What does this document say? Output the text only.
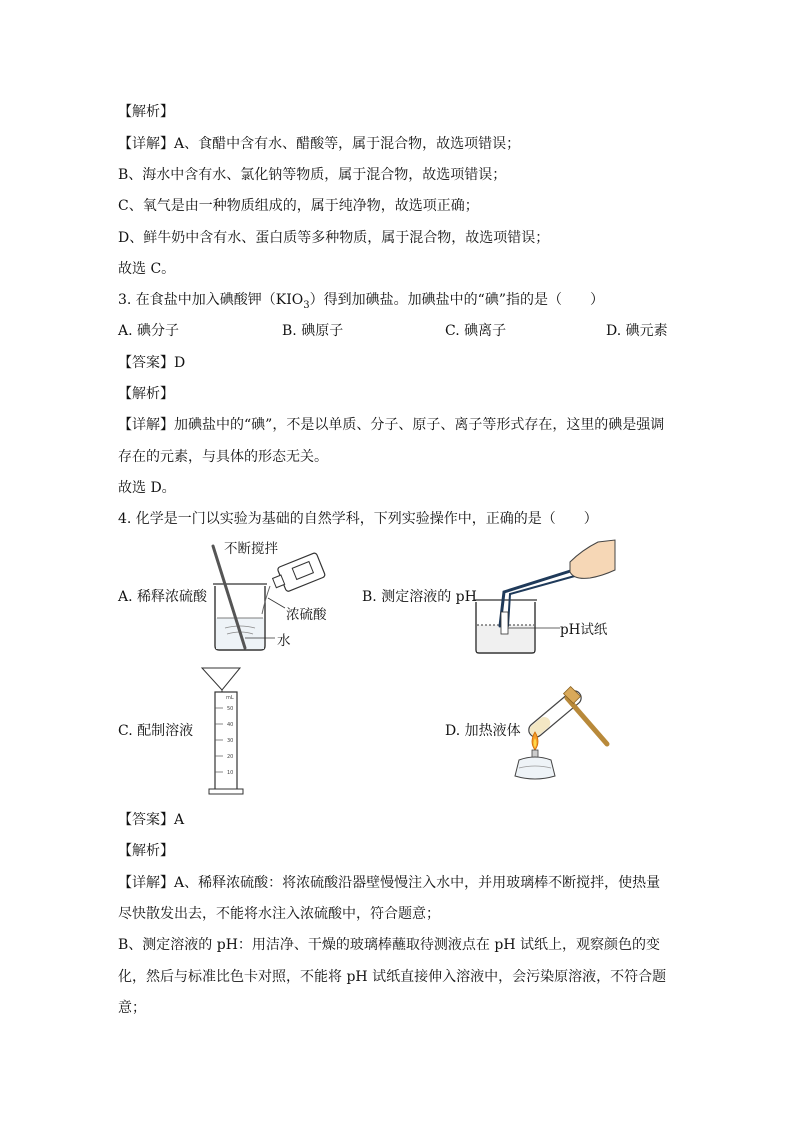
【解析】
【详解】A、食醋中含有水、醋酸等，属于混合物，故选项错误；
B、海水中含有水、氯化钠等物质，属于混合物，故选项错误；
C、氧气是由一种物质组成的，属于纯净物，故选项正确；
D、鲜牛奶中含有水、蛋白质等多种物质，属于混合物，故选项错误；
故选 C。
3. 在食盐中加入碘酸钾$(KIO_3)$得到加碘盐。加碘盐中的“碘”指的是（　　）
A. 碘分子	B. 碘原子	C. 碘离子	D. 碘元素
【答案】D
【解析】
【详解】加碘盐中的“碘”，不是以单质、分子、原子、离子等形式存在，这里的碘是强调
存在的元素，与具体的形态无关。
故选 D。
4. 化学是一门以实验为基础的自然学科，下列实验操作中，正确的是（　　）
A. 稀释浓硫酸
不断搅拌
浓硫酸
水
B. 测定溶液的 pH
pH试纸
C. 配制溶液
mL
50
40
30
20
10
D. 加热液体
【答案】A
【解析】
【详解】A、稀释浓硫酸：将浓硫酸沿器壁慢慢注入水中，并用玻璃棒不断搅拌，使热量
尽快散发出去，不能将水注入浓硫酸中，符合题意；
B、测定溶液的 pH：用洁净、干燥的玻璃棒蘸取待测液点在 pH 试纸上，观察颜色的变
化，然后与标准比色卡对照，不能将 pH 试纸直接伸入溶液中，会污染原溶液，不符合题
意；
